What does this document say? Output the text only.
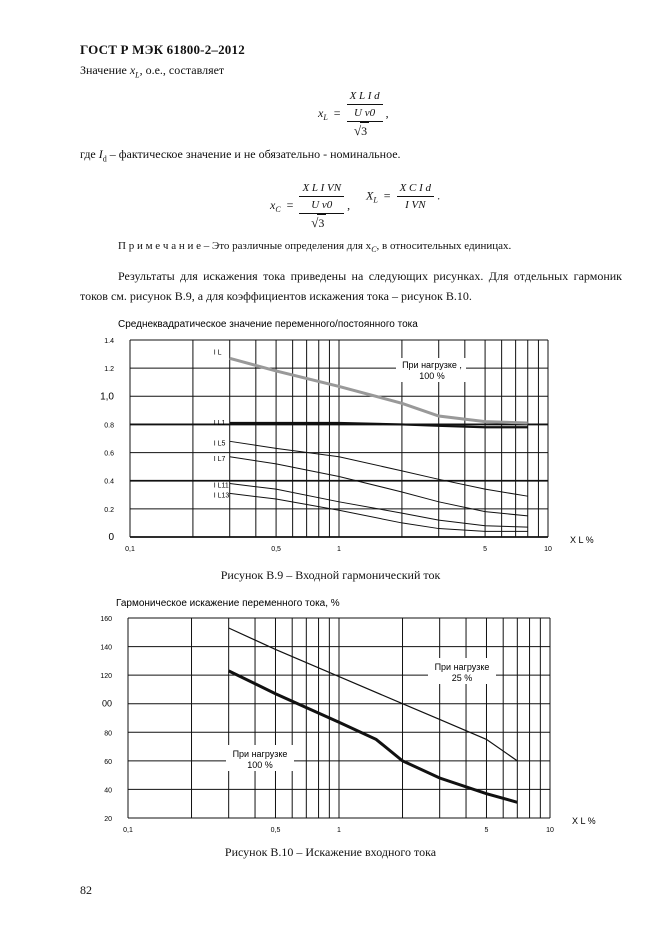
ГОСТ Р МЭК 61800-2–2012
Значение $x_L$, о.е., составляет
$x_L$  =
X L I d
U v0
√ 3
,
где $I_d$ – фактическое значение и не обязательно - номинальное.
$x_C$  =
X L I VN
U v0
√ 3
,
$X_L = \frac{\text{X C I d}}{\text{I VN}}$ .
П р и м е ч а н и е – Это различные определения для $x_C$, в относительных единицах.
Результаты для искажения тока приведены на следующих рисунках. Для отдельных гармоник токов см. рисунок В.9, а для коэффициентов искажения тока – рисунок В.10.
Среднеквадратическое значение переменного/постоянного тока
1.4
1.2
1,0
0.8
0.6
0.4
0.2
0
0,1	0,5	1	5	10
X L %
I L
I L1
I L5
I L7
I L11
I L13
При нагрузке ,
100 %
Рисунок В.9 – Входной гармонический ток
Гармоническое искажение переменного тока, %
160
140
120
00
80
60
40
20
0,1	0,5	1	5	10
X L %
При нагрузке
25 %
При нагрузке
100 %
Рисунок В.10 – Искажение входного тока
82
